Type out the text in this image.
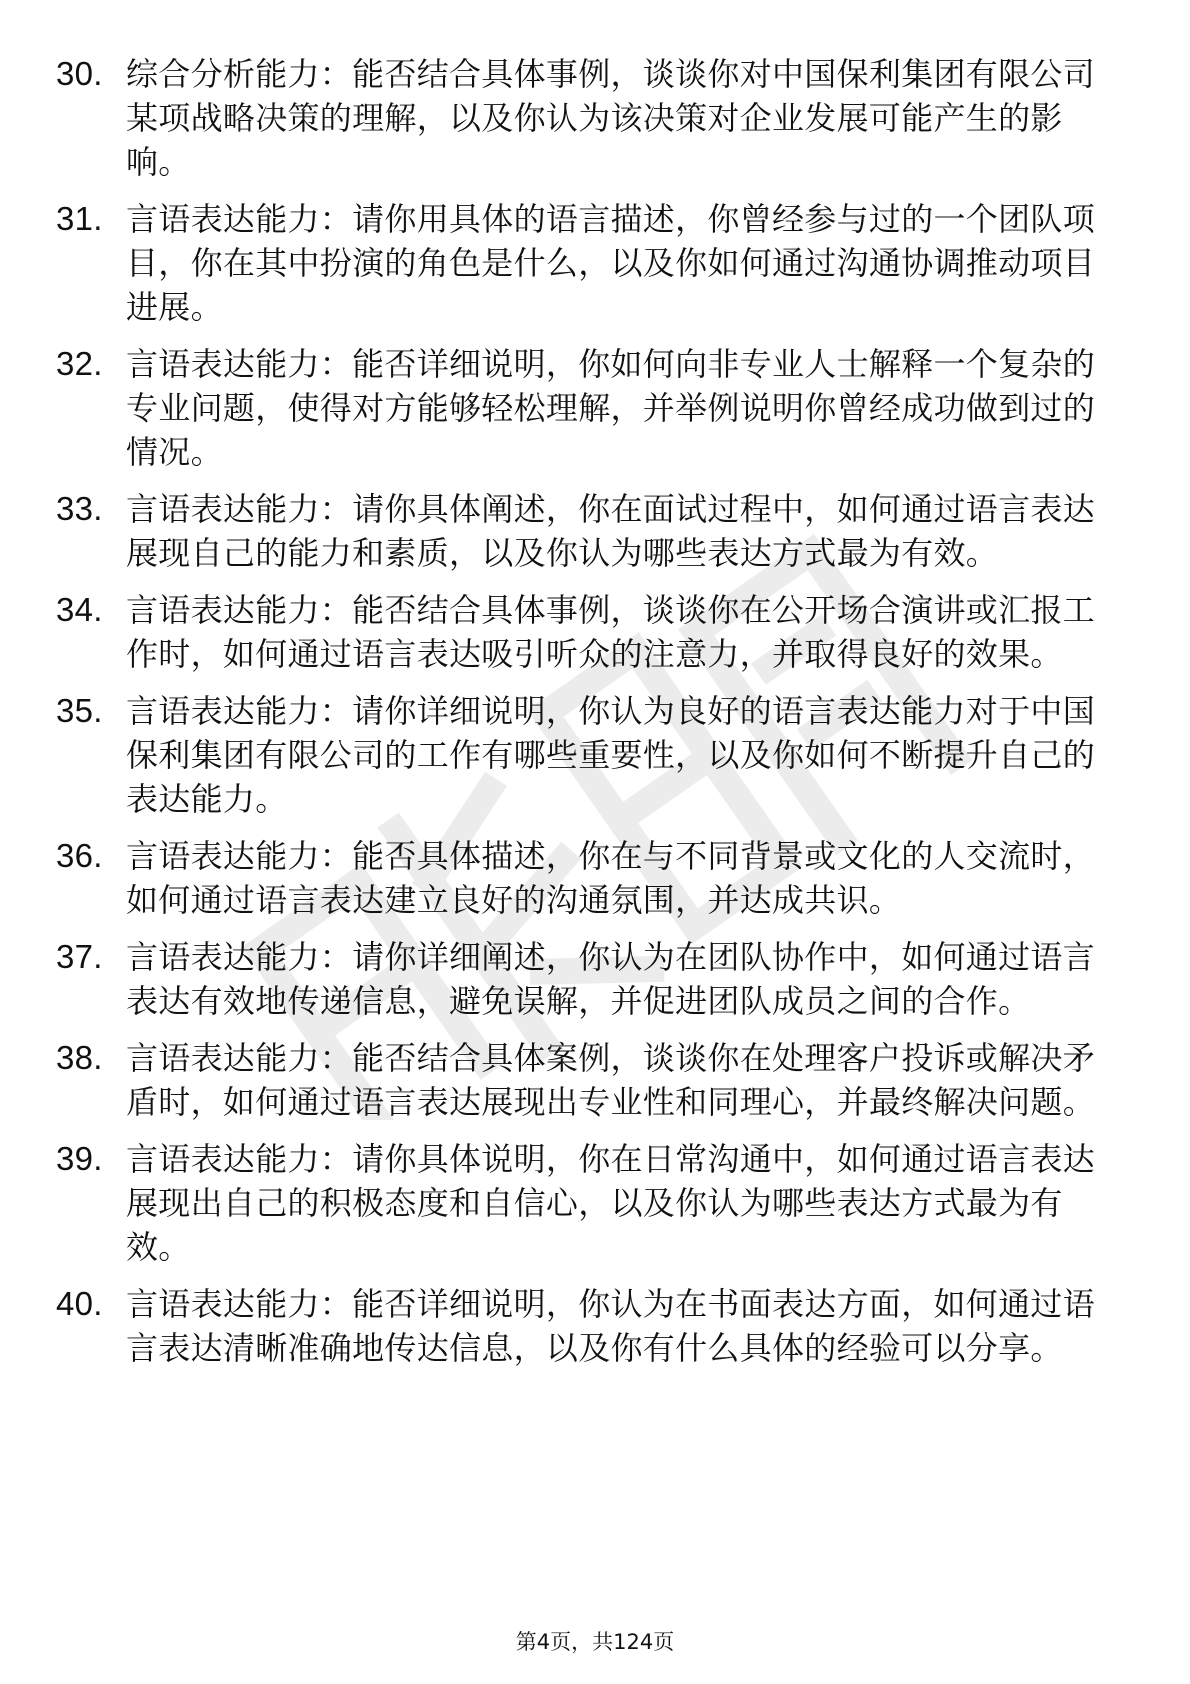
30. 综合分析能力：能否结合具体事例，谈谈你对中国保利集团有限公司某项战略决策的理解，以及你认为该决策对企业发展可能产生的影响。
31. 言语表达能力：请你用具体的语言描述，你曾经参与过的一个团队项目，你在其中扮演的角色是什么，以及你如何通过沟通协调推动项目进展。
32. 言语表达能力：能否详细说明，你如何向非专业人士解释一个复杂的专业问题，使得对方能够轻松理解，并举例说明你曾经成功做到过的情况。
33. 言语表达能力：请你具体阐述，你在面试过程中，如何通过语言表达展现自己的能力和素质，以及你认为哪些表达方式最为有效。
34. 言语表达能力：能否结合具体事例，谈谈你在公开场合演讲或汇报工作时，如何通过语言表达吸引听众的注意力，并取得良好的效果。
35. 言语表达能力：请你详细说明，你认为良好的语言表达能力对于中国保利集团有限公司的工作有哪些重要性，以及你如何不断提升自己的表达能力。
36. 言语表达能力：能否具体描述，你在与不同背景或文化的人交流时，如何通过语言表达建立良好的沟通氛围，并达成共识。
37. 言语表达能力：请你详细阐述，你认为在团队协作中，如何通过语言表达有效地传递信息，避免误解，并促进团队成员之间的合作。
38. 言语表达能力：能否结合具体案例，谈谈你在处理客户投诉或解决矛盾时，如何通过语言表达展现出专业性和同理心，并最终解决问题。
39. 言语表达能力：请你具体说明，你在日常沟通中，如何通过语言表达展现出自己的积极态度和自信心，以及你认为哪些表达方式最为有效。
40. 言语表达能力：能否详细说明，你认为在书面表达方面，如何通过语言表达清晰准确地传达信息，以及你有什么具体的经验可以分享。
第4页，共124页
